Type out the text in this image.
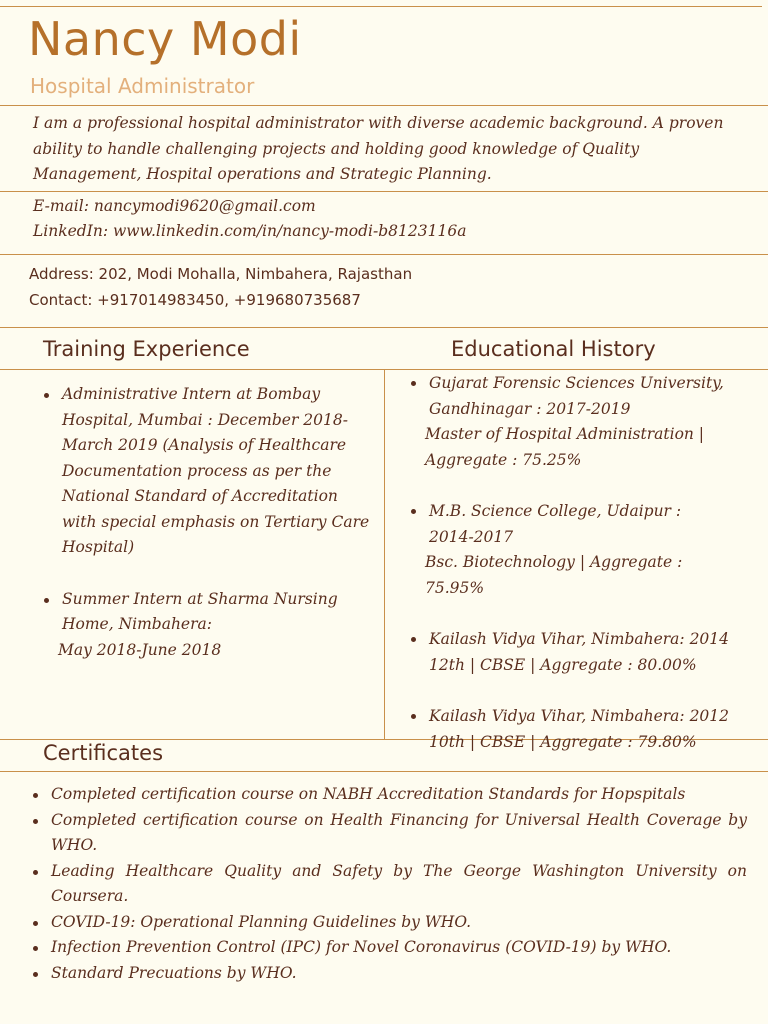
Nancy Modi
Hospital Administrator
I am a professional hospital administrator with diverse academic background. A proven ability to handle challenging projects and holding good knowledge of Quality Management, Hospital operations and Strategic Planning.
E-mail: nancymodi9620@gmail.com
LinkedIn: www.linkedin.com/in/nancy-modi-b8123116a
Address: 202, Modi Mohalla, Nimbahera, Rajasthan
Contact: +917014983450, +919680735687
Training Experience	Educational History
Administrative Intern at Bombay Hospital, Mumbai : December 2018-March 2019 (Analysis of Healthcare Documentation process as per the National Standard of Accreditation with special emphasis on Tertiary Care Hospital)
Summer Intern at Sharma Nursing Home, Nimbahera:
May 2018-June 2018
Gujarat Forensic Sciences University, Gandhinagar : 2017-2019
Master of Hospital Administration | Aggregate : 75.25%
M.B. Science College, Udaipur : 2014-2017
Bsc. Biotechnology | Aggregate : 75.95%
Kailash Vidya Vihar, Nimbahera: 2014
12th | CBSE | Aggregate : 80.00%
Kailash Vidya Vihar, Nimbahera: 2012
10th | CBSE | Aggregate : 79.80%
Certificates
Completed certification course on NABH Accreditation Standards for Hopspitals
Completed certification course on Health Financing for Universal Health Coverage by WHO.
Leading Healthcare Quality and Safety by The George Washington University on Coursera.
COVID-19: Operational Planning Guidelines by WHO.
Infection Prevention Control (IPC) for Novel Coronavirus (COVID-19) by WHO.
Standard Precuations by WHO.
